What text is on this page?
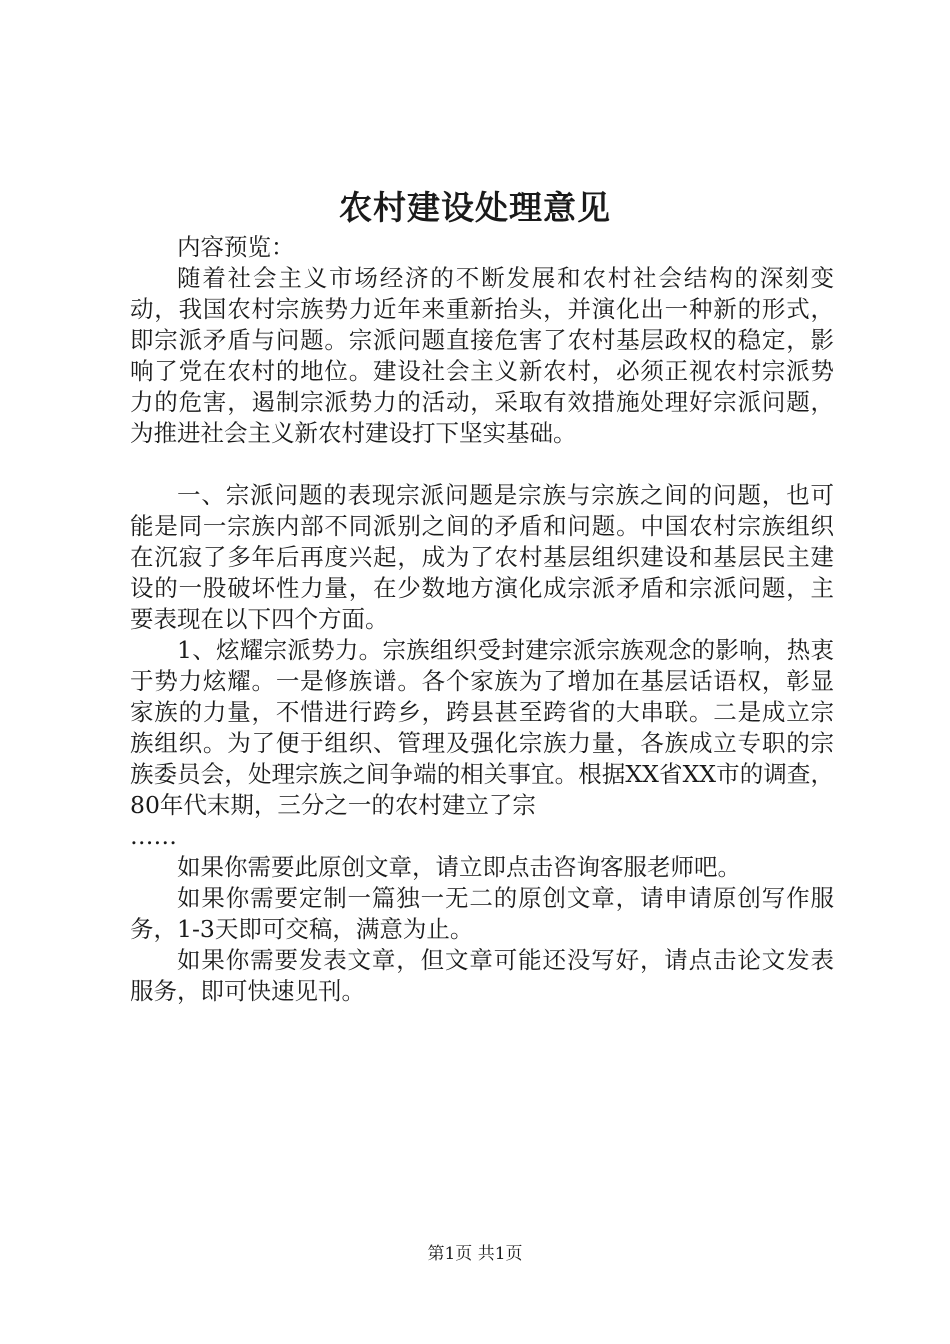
农村建设处理意见

内容预览：

随着社会主义市场经济的不断发展和农村社会结构的深刻变动，我国农村宗族势力近年来重新抬头，并演化出一种新的形式，即宗派矛盾与问题。宗派问题直接危害了农村基层政权的稳定，影响了党在农村的地位。建设社会主义新农村，必须正视农村宗派势力的危害，遏制宗派势力的活动，采取有效措施处理好宗派问题，为推进社会主义新农村建设打下坚实基础。

一、宗派问题的表现宗派问题是宗族与宗族之间的问题，也可能是同一宗族内部不同派别之间的矛盾和问题。中国农村宗族组织在沉寂了多年后再度兴起，成为了农村基层组织建设和基层民主建设的一股破坏性力量，在少数地方演化成宗派矛盾和宗派问题，主要表现在以下四个方面。

1、炫耀宗派势力。宗族组织受封建宗派宗族观念的影响，热衷于势力炫耀。一是修族谱。各个家族为了增加在基层话语权，彰显家族的力量，不惜进行跨乡，跨县甚至跨省的大串联。二是成立宗族组织。为了便于组织、管理及强化宗族力量，各族成立专职的宗族委员会，处理宗族之间争端的相关事宜。根据XX省XX市的调查，80年代末期，三分之一的农村建立了宗

……

如果你需要此原创文章，请立即点击咨询客服老师吧。

如果你需要定制一篇独一无二的原创文章，请申请原创写作服务，1-3天即可交稿，满意为止。

如果你需要发表文章，但文章可能还没写好，请点击论文发表服务，即可快速见刊。

第1页 共1页
